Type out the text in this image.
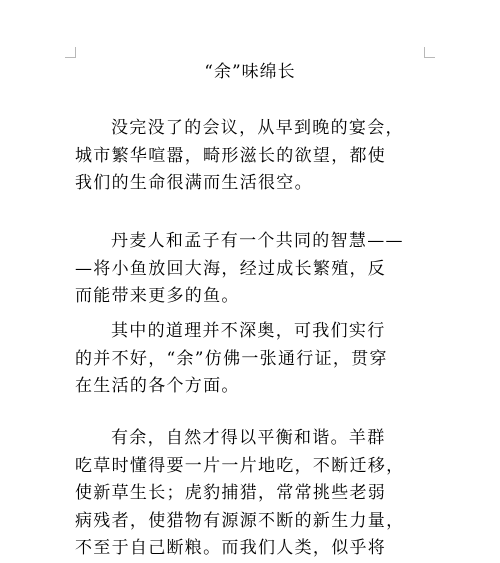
“余”味绵长
没完没了的会议，从早到晚的宴会，
城市繁华喧嚣，畸形滋长的欲望，都使
我们的生命很满而生活很空。
丹麦人和孟子有一个共同的智慧——
—将小鱼放回大海，经过成长繁殖，反
而能带来更多的鱼。
其中的道理并不深奥，可我们实行
的并不好，“余”仿佛一张通行证，贯穿
在生活的各个方面。
有余，自然才得以平衡和谐。羊群
吃草时懂得要一片一片地吃，不断迁移，
使新草生长；虎豹捕猎，常常挑些老弱
病残者，使猎物有源源不断的新生力量，
不至于自己断粮。而我们人类，似乎将
